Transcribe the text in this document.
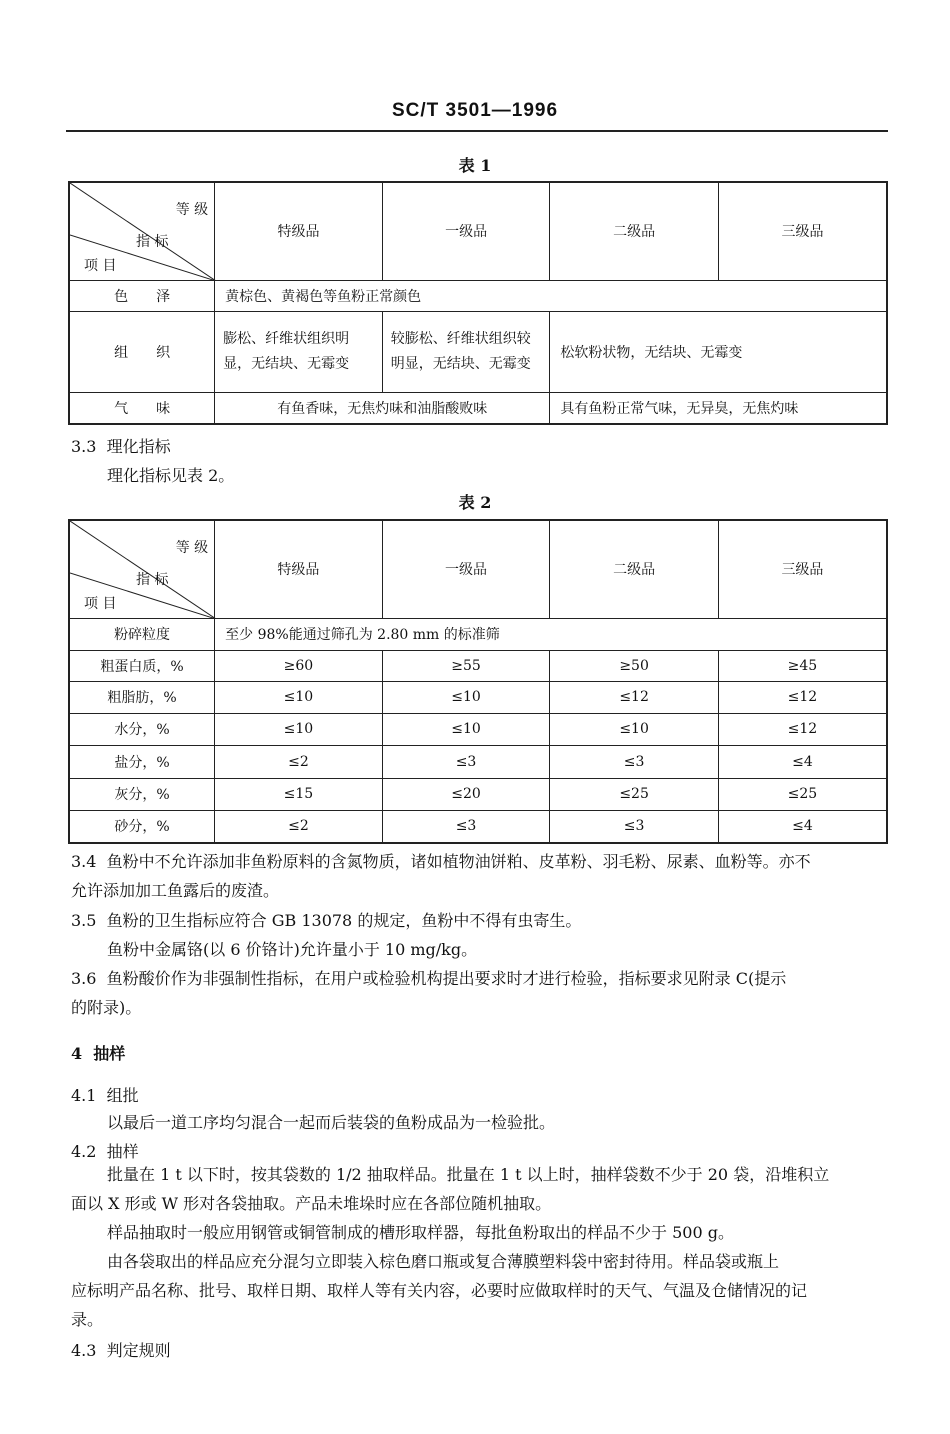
SC/T 3501—1996
表 1
等 级
指 标
项 目	特级品	一级品	二级品	三级品
色　　泽	黄棕色、黄褐色等鱼粉正常颜色			
组　　织	膨松、纤维状组织明显，无结块、无霉变	较膨松、纤维状组织较明显，无结块、无霉变	松软粉状物，无结块、无霉变	
气　　味	有鱼香味，无焦灼味和油脂酸败味		具有鱼粉正常气味，无异臭，无焦灼味	
3.3 理化指标
理化指标见表 2。
表 2
等 级
指 标
项 目	特级品	一级品	二级品	三级品
粉碎粒度	至少 98%能通过筛孔为 2.80 mm 的标准筛			
粗蛋白质，%	≥60	≥55	≥50	≥45
粗脂肪，%	≤10	≤10	≤12	≤12
水分，%	≤10	≤10	≤10	≤12
盐分，%	≤2	≤3	≤3	≤4
灰分，%	≤15	≤20	≤25	≤25
砂分，%	≤2	≤3	≤3	≤4
3.4 鱼粉中不允许添加非鱼粉原料的含氮物质，诸如植物油饼粕、皮革粉、羽毛粉、尿素、血粉等。亦不
允许添加加工鱼露后的废渣。
3.5 鱼粉的卫生指标应符合 GB 13078 的规定，鱼粉中不得有虫寄生。
鱼粉中金属铬(以 6 价铬计)允许量小于 10 mg/kg。
3.6 鱼粉酸价作为非强制性指标，在用户或检验机构提出要求时才进行检验，指标要求见附录 C(提示
的附录)。
4 抽样
4.1 组批
以最后一道工序均匀混合一起而后装袋的鱼粉成品为一检验批。
4.2 抽样
批量在 1 t 以下时，按其袋数的 1/2 抽取样品。批量在 1 t 以上时，抽样袋数不少于 20 袋，沿堆积立
面以 X 形或 W 形对各袋抽取。产品未堆垛时应在各部位随机抽取。
样品抽取时一般应用钢管或铜管制成的槽形取样器，每批鱼粉取出的样品不少于 500 g。
由各袋取出的样品应充分混匀立即装入棕色磨口瓶或复合薄膜塑料袋中密封待用。样品袋或瓶上
应标明产品名称、批号、取样日期、取样人等有关内容，必要时应做取样时的天气、气温及仓储情况的记
录。
4.3 判定规则
